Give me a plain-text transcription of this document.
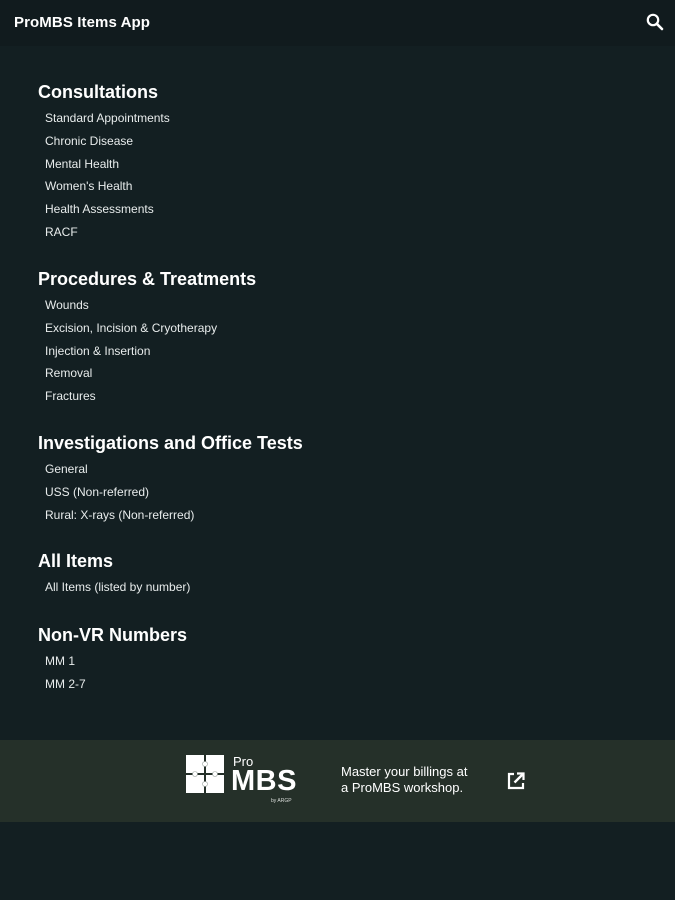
ProMBS Items App
Consultations
Standard Appointments
Chronic Disease
Mental Health
Women's Health
Health Assessments
RACF
Procedures & Treatments
Wounds
Excision, Incision & Cryotherapy
Injection & Insertion
Removal
Fractures
Investigations and Office Tests
General
USS (Non-referred)
Rural: X-rays (Non-referred)
All Items
All Items (listed by number)
Non-VR Numbers
MM 1
MM 2-7
Pro
MBS
by ARGP
Master your billings at
a ProMBS workshop.
